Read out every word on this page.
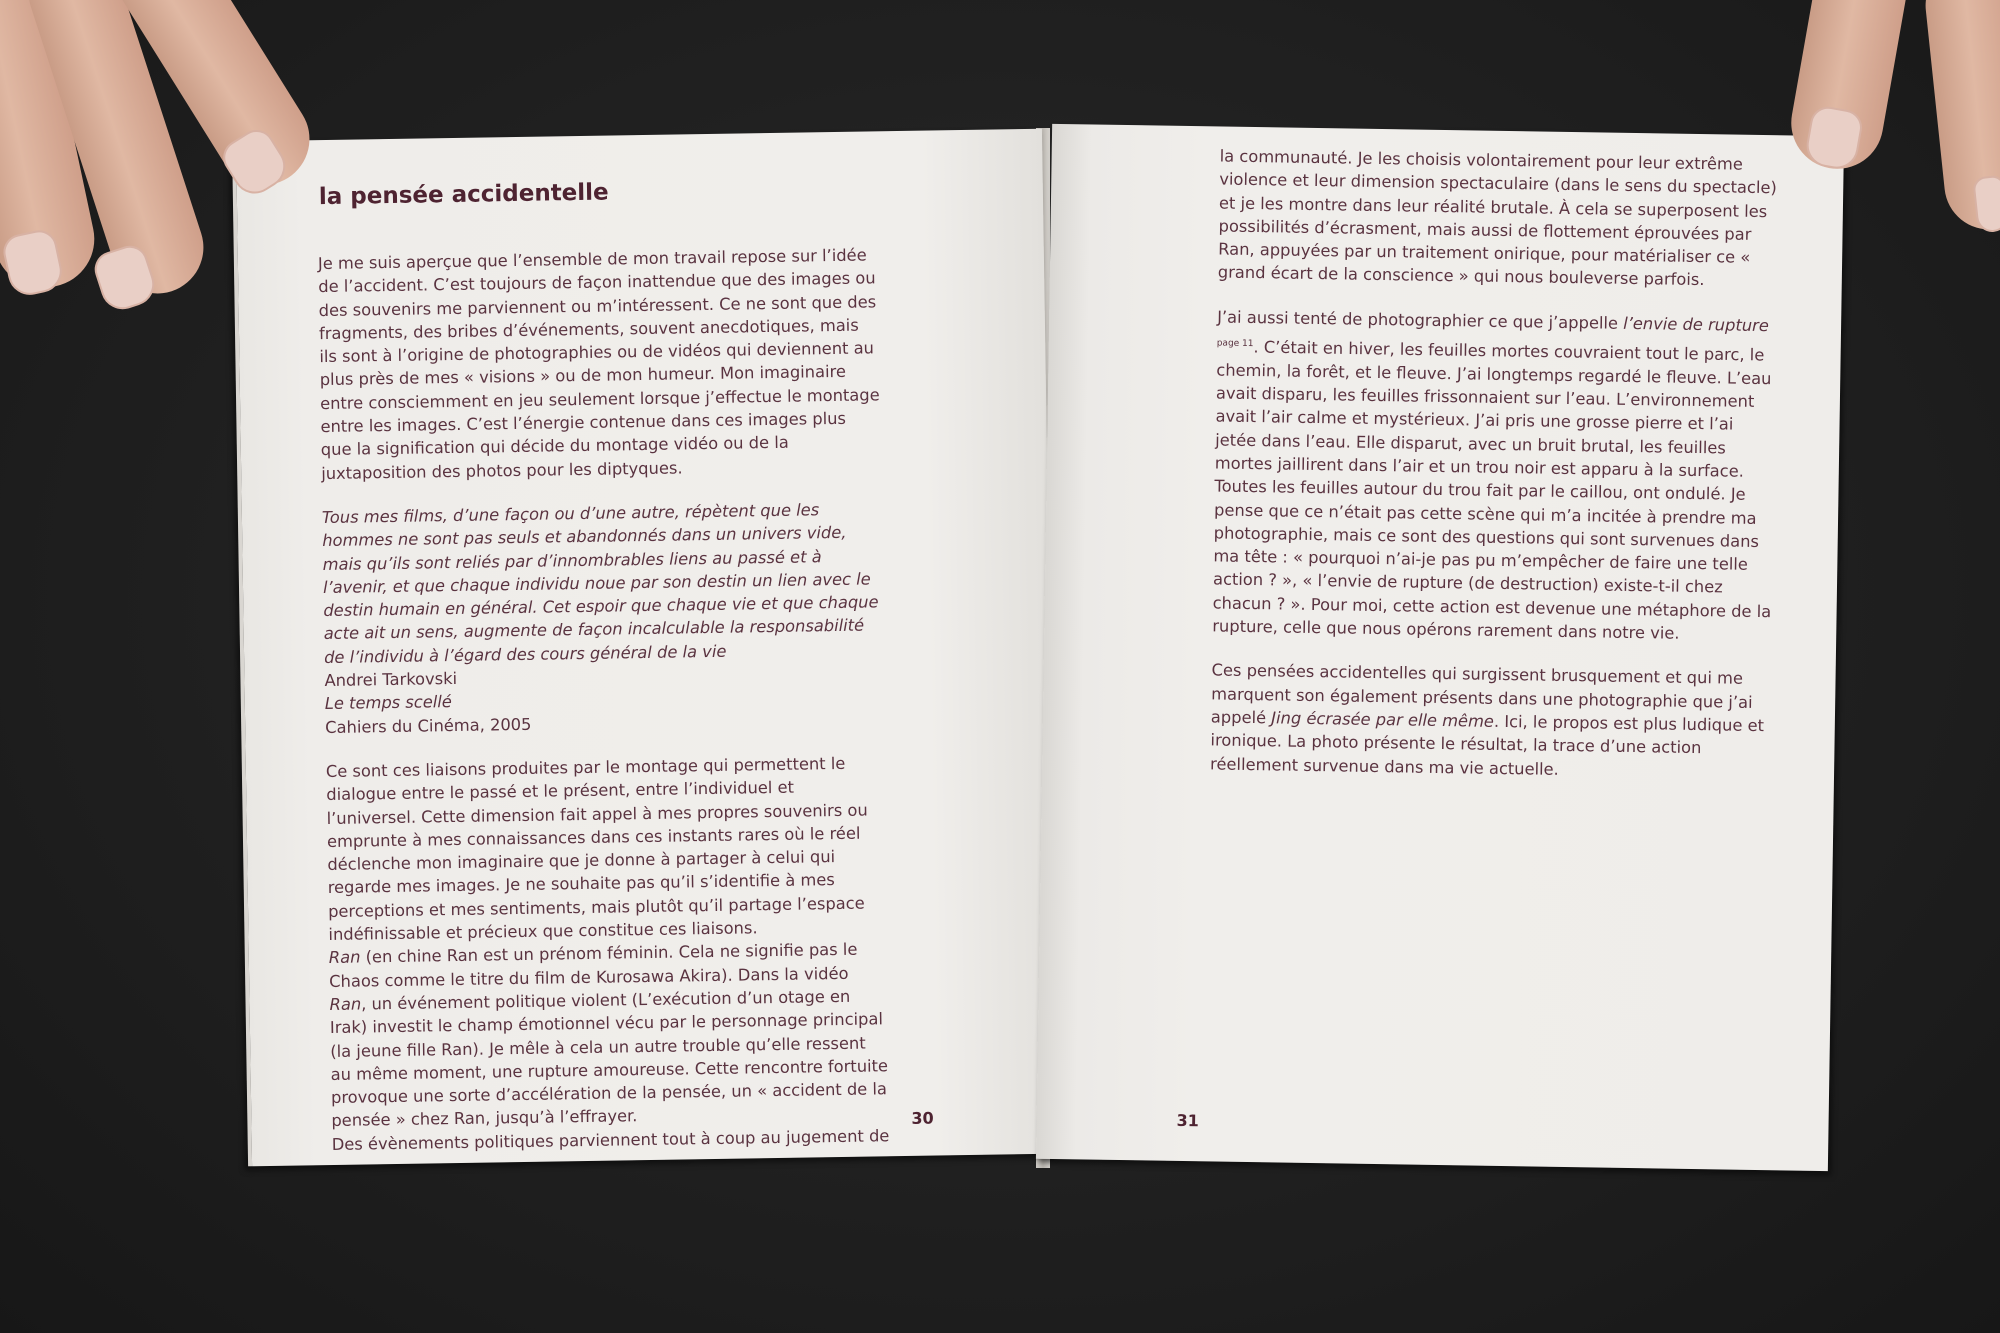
la pensée accidentelle

Je me suis aperçue que l’ensemble de mon travail repose sur l’idée de l’accident. C’est toujours de façon inattendue que des images ou des souvenirs me parviennent ou m’intéressent. Ce ne sont que des fragments, des bribes d’événements, souvent anecdotiques, mais ils sont à l’origine de photographies ou de vidéos qui deviennent au plus près de mes « visions » ou de mon humeur. Mon imaginaire entre consciemment en jeu seulement lorsque j’effectue le montage entre les images. C’est l’énergie contenue dans ces images plus que la signification qui décide du montage vidéo ou de la juxtaposition des photos pour les diptyques.

Tous mes films, d’une façon ou d’une autre, répètent que les hommes ne sont pas seuls et abandonnés dans un univers vide, mais qu’ils sont reliés par d’innombrables liens au passé et à l’avenir, et que chaque individu noue par son destin un lien avec le destin humain en général. Cet espoir que chaque vie et que chaque acte ait un sens, augmente de façon incalculable la responsabilité de l’individu à l’égard des cours général de la vie

Andrei Tarkovski

Le temps scellé

Cahiers du Cinéma, 2005

Ce sont ces liaisons produites par le montage qui permettent le dialogue entre le passé et le présent, entre l’individuel et l’universel. Cette dimension fait appel à mes propres souvenirs ou emprunte à mes connaissances dans ces instants rares où le réel déclenche mon imaginaire que je donne à partager à celui qui regarde mes images. Je ne souhaite pas qu’il s’identifie à mes perceptions et mes sentiments, mais plutôt qu’il partage l’espace indéfinissable et précieux que constitue ces liaisons.

Ran (en chine Ran est un prénom féminin. Cela ne signifie pas le Chaos comme le titre du film de Kurosawa Akira). Dans la vidéo Ran, un événement politique violent (L’exécution d’un otage en Irak) investit le champ émotionnel vécu par le personnage principal (la jeune fille Ran). Je mêle à cela un autre trouble qu’elle ressent au même moment, une rupture amoureuse. Cette rencontre fortuite provoque une sorte d’accélération de la pensée, un « accident de la pensée » chez Ran, jusqu’à l’effrayer.

Des évènements politiques parviennent tout à coup au jugement de

30

la communauté. Je les choisis volontairement pour leur extrême violence et leur dimension spectaculaire (dans le sens du spectacle) et je les montre dans leur réalité brutale. À cela se superposent les possibilités d’écrasment, mais aussi de flottement éprouvées par Ran, appuyées par un traitement onirique, pour matérialiser ce « grand écart de la conscience » qui nous bouleverse parfois.

J’ai aussi tenté de photographier ce que j’appelle l’envie de rupture $^{page 11}$. C’était en hiver, les feuilles mortes couvraient tout le parc, le chemin, la forêt, et le fleuve. J’ai longtemps regardé le fleuve. L’eau avait disparu, les feuilles frissonnaient sur l’eau. L’environnement avait l’air calme et mystérieux. J’ai pris une grosse pierre et l’ai jetée dans l’eau. Elle disparut, avec un bruit brutal, les feuilles mortes jaillirent dans l’air et un trou noir est apparu à la surface. Toutes les feuilles autour du trou fait par le caillou, ont ondulé. Je pense que ce n’était pas cette scène qui m’a incitée à prendre ma photographie, mais ce sont des questions qui sont survenues dans ma tête : « pourquoi n’ai-je pas pu m’empêcher de faire une telle action ? », « l’envie de rupture (de destruction) existe-t-il chez chacun ? ». Pour moi, cette action est devenue une métaphore de la rupture, celle que nous opérons rarement dans notre vie.

Ces pensées accidentelles qui surgissent brusquement et qui me marquent son également présents dans une photographie que j’ai appelé Jing écrasée par elle même. Ici, le propos est plus ludique et ironique. La photo présente le résultat, la trace d’une action réellement survenue dans ma vie actuelle.

31
